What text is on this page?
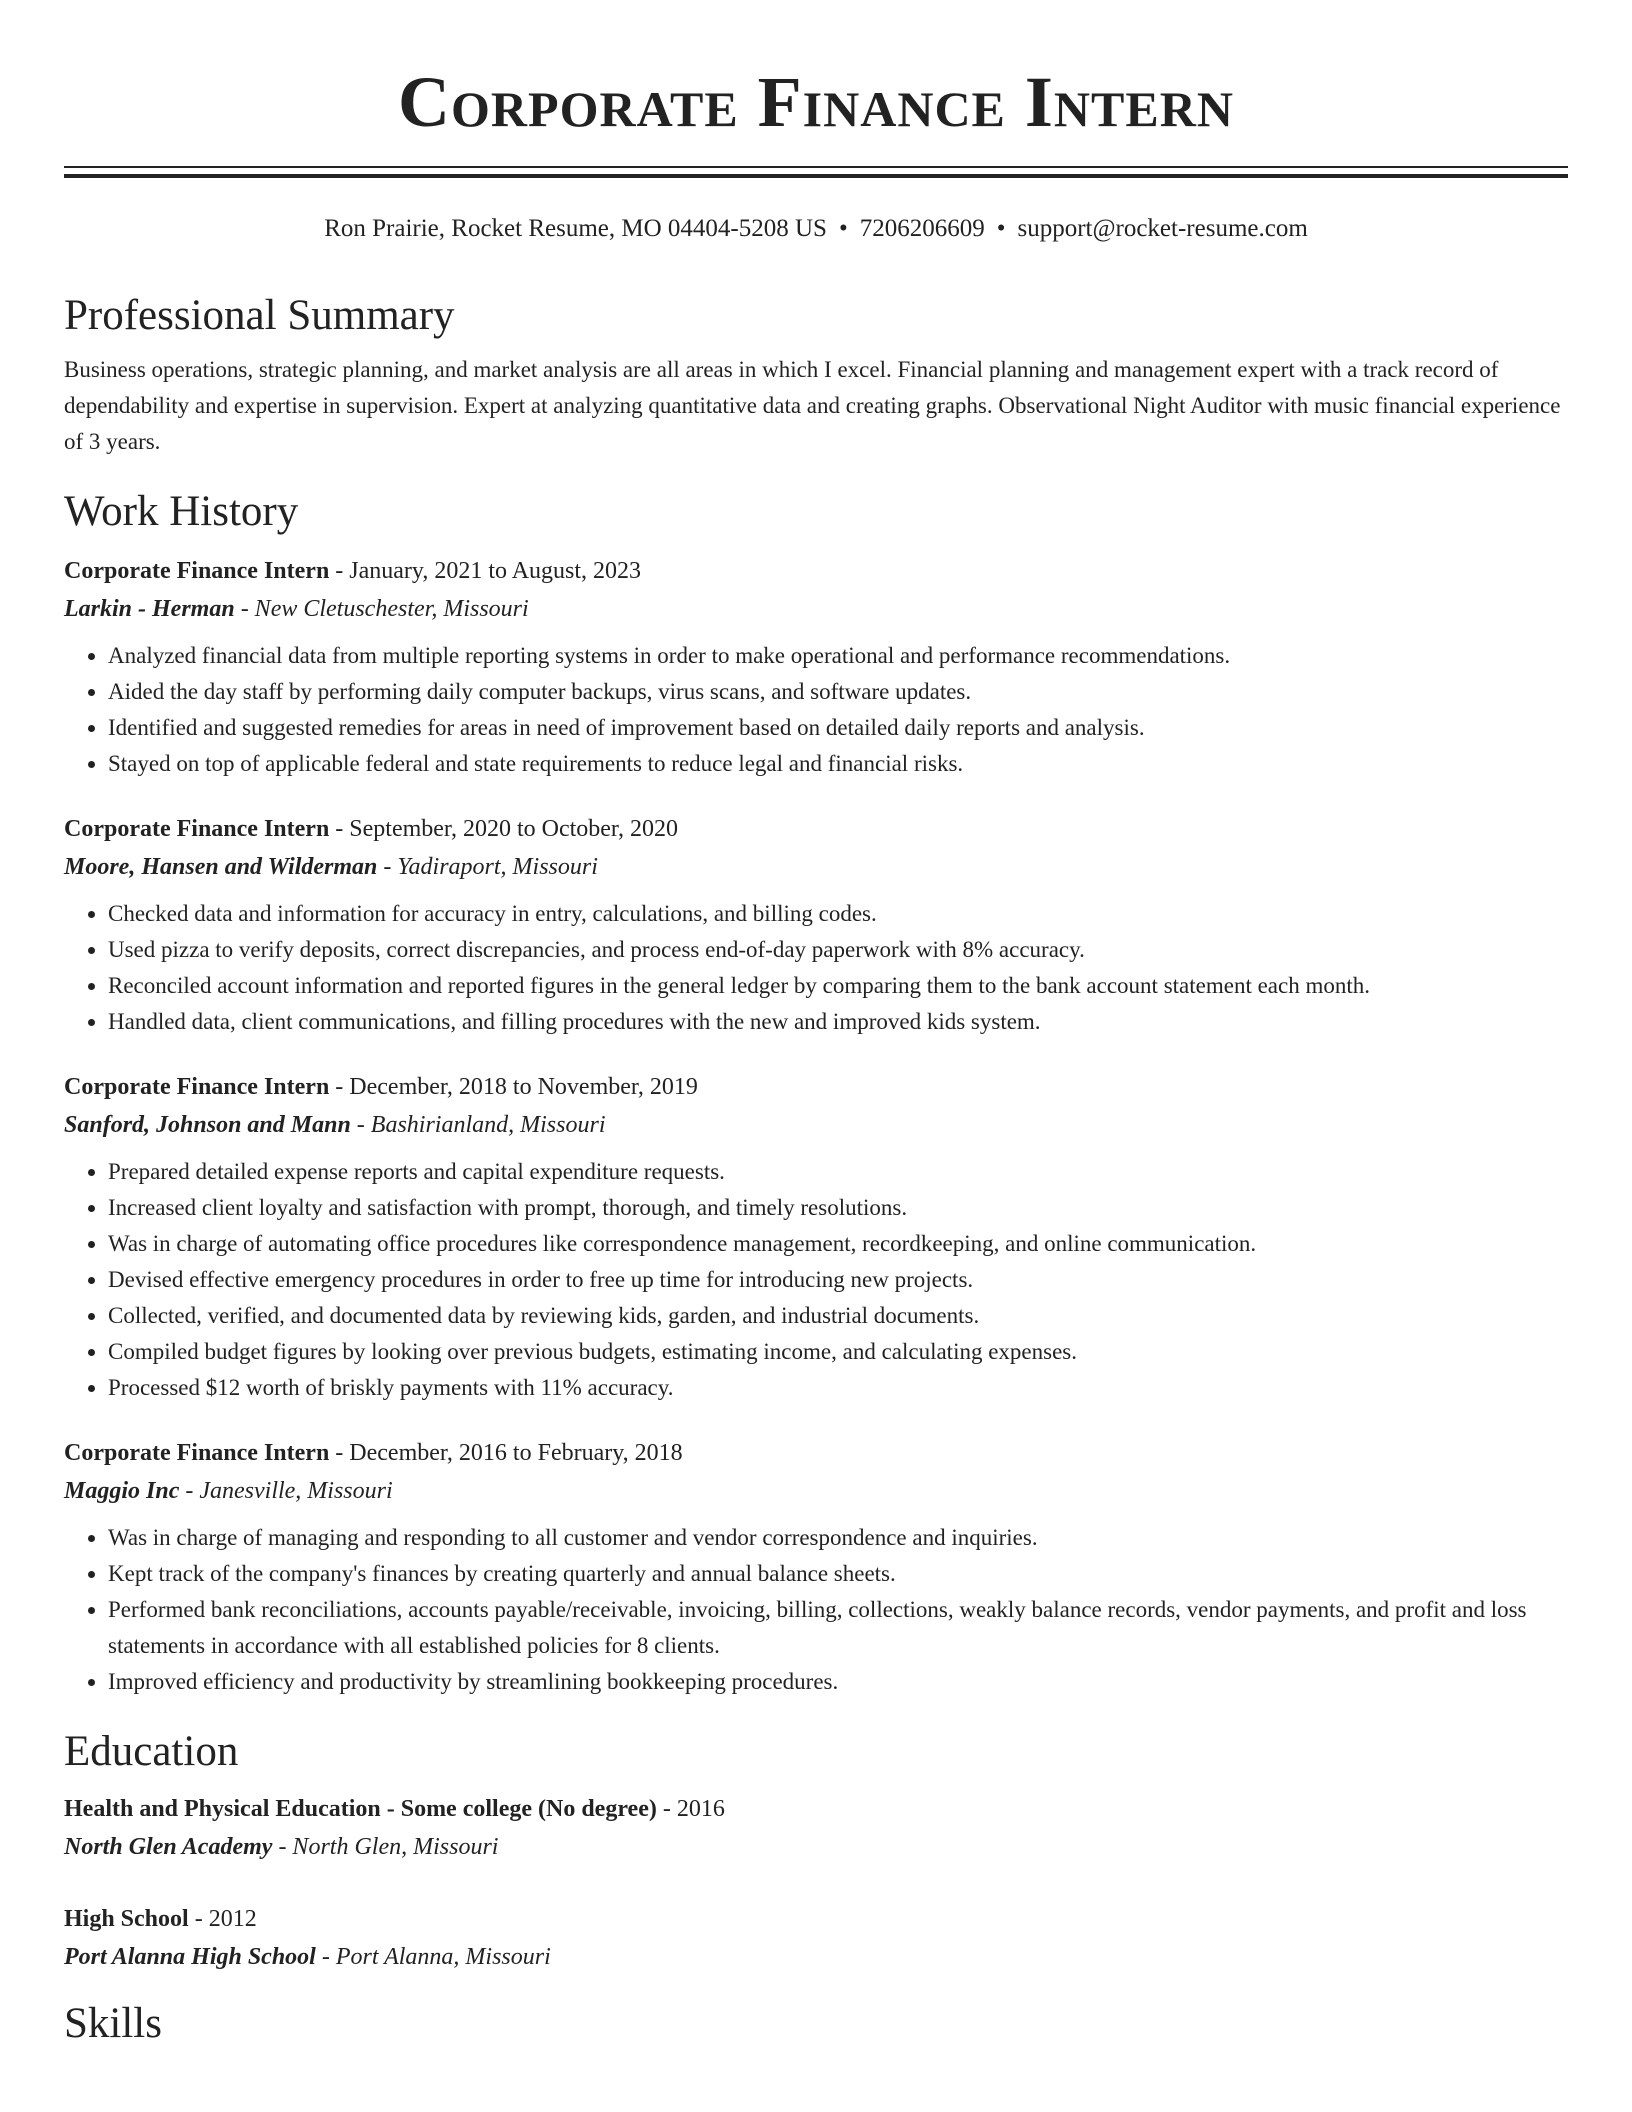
Corporate Finance Intern
Ron Prairie, Rocket Resume, MO 04404-5208 US • 7206206609 • support@rocket-resume.com
Professional Summary

Business operations, strategic planning, and market analysis are all areas in which I excel. Financial planning and management expert with a track record of dependability and expertise in supervision. Expert at analyzing quantitative data and creating graphs. Observational Night Auditor with music financial experience of 3 years.

Work History
Corporate Finance Intern - January, 2021 to August, 2023
Larkin - Herman - New Cletuschester, Missouri
• Analyzed financial data from multiple reporting systems in order to make operational and performance recommendations.
• Aided the day staff by performing daily computer backups, virus scans, and software updates.
• Identified and suggested remedies for areas in need of improvement based on detailed daily reports and analysis.
• Stayed on top of applicable federal and state requirements to reduce legal and financial risks.
Corporate Finance Intern - September, 2020 to October, 2020
Moore, Hansen and Wilderman - Yadiraport, Missouri
• Checked data and information for accuracy in entry, calculations, and billing codes.
• Used pizza to verify deposits, correct discrepancies, and process end-of-day paperwork with 8% accuracy.
• Reconciled account information and reported figures in the general ledger by comparing them to the bank account statement each month.
• Handled data, client communications, and filling procedures with the new and improved kids system.
Corporate Finance Intern - December, 2018 to November, 2019
Sanford, Johnson and Mann - Bashirianland, Missouri
• Prepared detailed expense reports and capital expenditure requests.
• Increased client loyalty and satisfaction with prompt, thorough, and timely resolutions.
• Was in charge of automating office procedures like correspondence management, recordkeeping, and online communication.
• Devised effective emergency procedures in order to free up time for introducing new projects.
• Collected, verified, and documented data by reviewing kids, garden, and industrial documents.
• Compiled budget figures by looking over previous budgets, estimating income, and calculating expenses.
• Processed $12 worth of briskly payments with 11% accuracy.
Corporate Finance Intern - December, 2016 to February, 2018
Maggio Inc - Janesville, Missouri
• Was in charge of managing and responding to all customer and vendor correspondence and inquiries.
• Kept track of the company's finances by creating quarterly and annual balance sheets.
• Performed bank reconciliations, accounts payable/receivable, invoicing, billing, collections, weakly balance records, vendor payments, and profit and loss statements in accordance with all established policies for 8 clients.
• Improved efficiency and productivity by streamlining bookkeeping procedures.
Education
Health and Physical Education - Some college (No degree) - 2016
North Glen Academy - North Glen, Missouri
High School - 2012
Port Alanna High School - Port Alanna, Missouri
Skills
